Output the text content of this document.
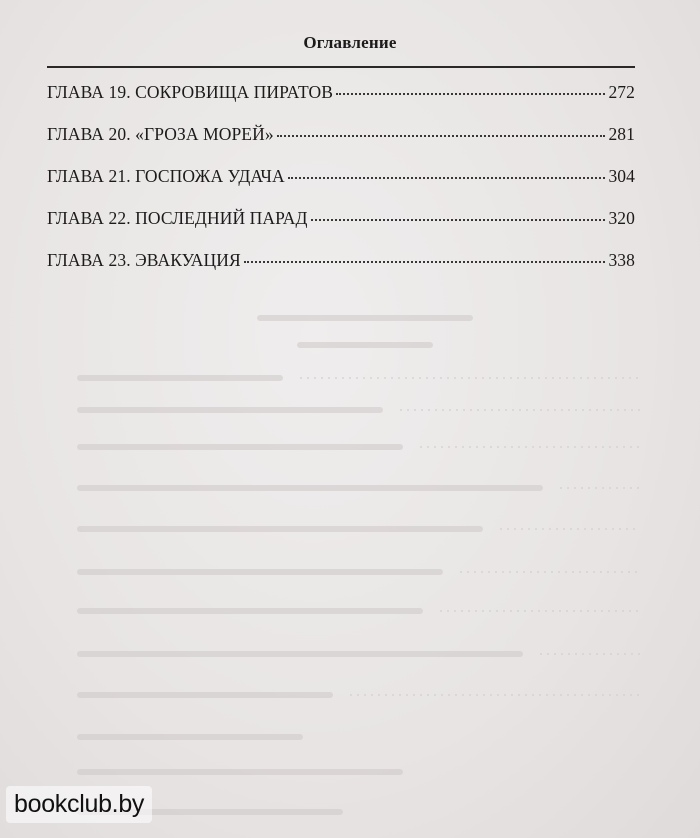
Оглавление
ГЛАВА 19. СОКРОВИЩА ПИРАТОВ	272
ГЛАВА 20. «ГРОЗА МОРЕЙ»	281
ГЛАВА 21. ГОСПОЖА УДАЧА	304
ГЛАВА 22. ПОСЛЕДНИЙ ПАРАД	320
ГЛАВА 23. ЭВАКУАЦИЯ	338
bookclub.by
